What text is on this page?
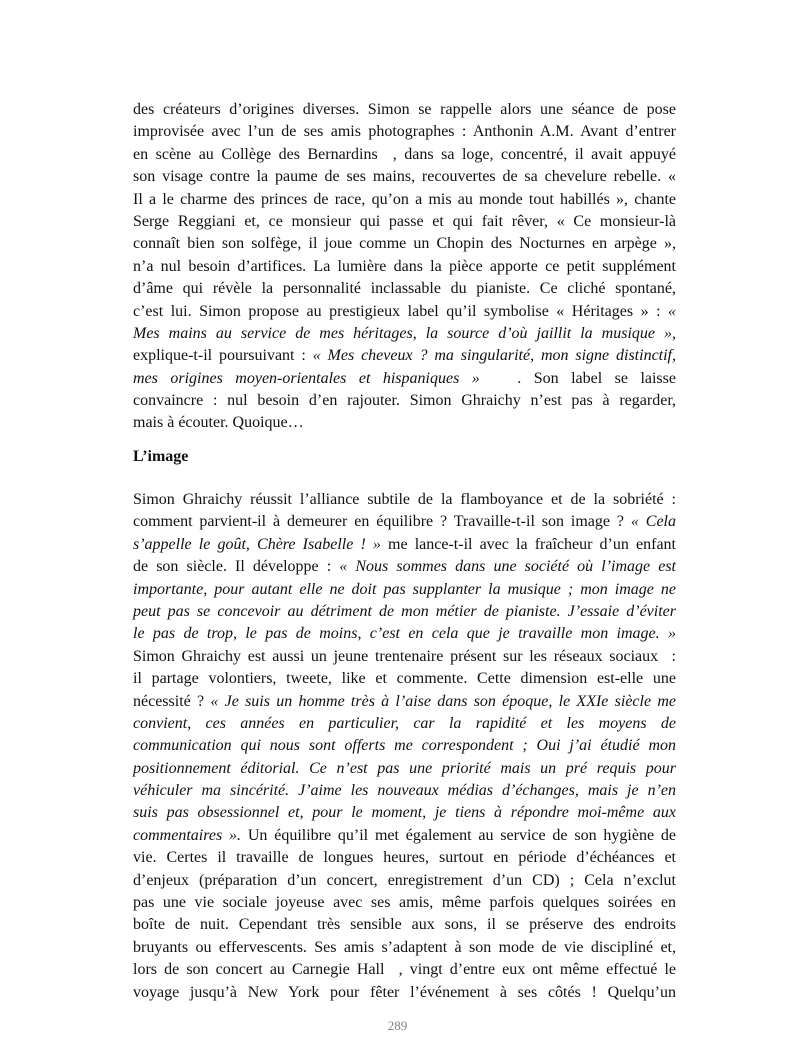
des créateurs d’origines diverses. Simon se rappelle alors une séance de pose
improvisée avec l’un de ses amis photographes : Anthonin A.M. Avant d’entrer
en scène au Collège des Bernardins  , dans sa loge, concentré, il avait appuyé
son visage contre la paume de ses mains, recouvertes de sa chevelure rebelle. «
Il a le charme des princes de race, qu’on a mis au monde tout habillés », chante
Serge Reggiani et, ce monsieur qui passe et qui fait rêver, « Ce monsieur-là
connaît bien son solfège, il joue comme un Chopin des Nocturnes en arpège »,
n’a nul besoin d’artifices. La lumière dans la pièce apporte ce petit supplément
d’âme qui révèle la personnalité inclassable du pianiste. Ce cliché spontané,
c’est lui. Simon propose au prestigieux label qu’il symbolise « Héritages » : «
Mes mains au service de mes héritages, la source d’où jaillit la musique »,
explique-t-il poursuivant : « Mes cheveux ? ma singularité, mon signe distinctif,
mes origines moyen-orientales et hispaniques »   . Son label se laisse
convaincre : nul besoin d’en rajouter. Simon Ghraichy n’est pas à regarder,
mais à écouter. Quoique…
L’image
Simon Ghraichy réussit l’alliance subtile de la flamboyance et de la sobriété :
comment parvient-il à demeurer en équilibre ? Travaille-t-il son image ? « Cela
s’appelle le goût, Chère Isabelle ! » me lance-t-il avec la fraîcheur d’un enfant
de son siècle. Il développe : « Nous sommes dans une société où l’image est
importante, pour autant elle ne doit pas supplanter la musique ; mon image ne
peut pas se concevoir au détriment de mon métier de pianiste. J’essaie d’éviter
le pas de trop, le pas de moins, c’est en cela que je travaille mon image. »
Simon Ghraichy est aussi un jeune trentenaire présent sur les réseaux sociaux  :
il partage volontiers, tweete, like et commente. Cette dimension est-elle une
nécessité ? « Je suis un homme très à l’aise dans son époque, le XXIe siècle me
convient, ces années en particulier, car la rapidité et les moyens de
communication qui nous sont offerts me correspondent ; Oui j’ai étudié mon
positionnement éditorial. Ce n’est pas une priorité mais un pré requis pour
véhiculer ma sincérité. J’aime les nouveaux médias d’échanges, mais je n’en
suis pas obsessionnel et, pour le moment, je tiens à répondre moi-même aux
commentaires ». Un équilibre qu’il met également au service de son hygiène de
vie. Certes il travaille de longues heures, surtout en période d’échéances et
d’enjeux (préparation d’un concert, enregistrement d’un CD) ; Cela n’exclut
pas une vie sociale joyeuse avec ses amis, même parfois quelques soirées en
boîte de nuit. Cependant très sensible aux sons, il se préserve des endroits
bruyants ou effervescents. Ses amis s’adaptent à son mode de vie discipliné et,
lors de son concert au Carnegie Hall  , vingt d’entre eux ont même effectué le
voyage jusqu’à New York pour fêter l’événement à ses côtés ! Quelqu’un
289
